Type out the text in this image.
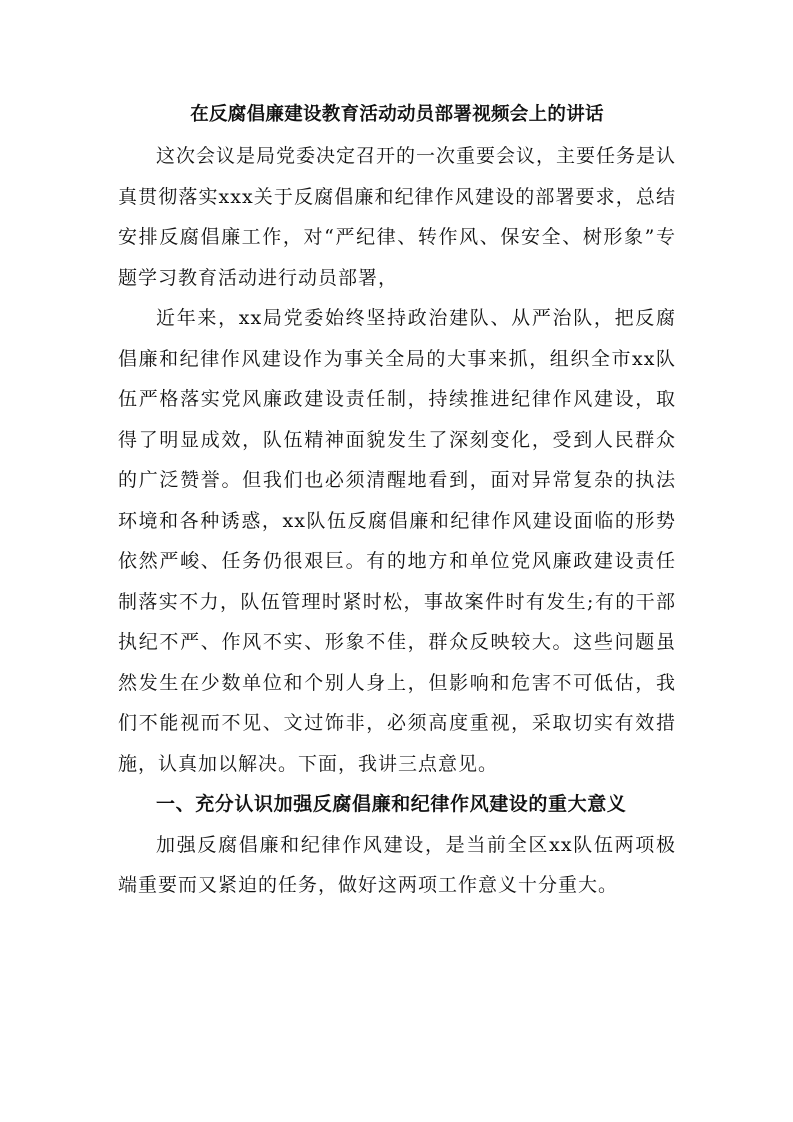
在反腐倡廉建设教育活动动员部署视频会上的讲话

这次会议是局党委决定召开的一次重要会议，主要任务是认真贯彻落实xxx关于反腐倡廉和纪律作风建设的部署要求，总结安排反腐倡廉工作，对“严纪律、转作风、保安全、树形象”专题学习教育活动进行动员部署，

近年来，xx局党委始终坚持政治建队、从严治队，把反腐倡廉和纪律作风建设作为事关全局的大事来抓，组织全市xx队伍严格落实党风廉政建设责任制，持续推进纪律作风建设，取得了明显成效，队伍精神面貌发生了深刻变化，受到人民群众的广泛赞誉。但我们也必须清醒地看到，面对异常复杂的执法环境和各种诱惑，xx队伍反腐倡廉和纪律作风建设面临的形势依然严峻、任务仍很艰巨。有的地方和单位党风廉政建设责任制落实不力，队伍管理时紧时松，事故案件时有发生;有的干部执纪不严、作风不实、形象不佳，群众反映较大。这些问题虽然发生在少数单位和个别人身上，但影响和危害不可低估，我们不能视而不见、文过饰非，必须高度重视，采取切实有效措施，认真加以解决。下面，我讲三点意见。

一、充分认识加强反腐倡廉和纪律作风建设的重大意义

加强反腐倡廉和纪律作风建设，是当前全区xx队伍两项极端重要而又紧迫的任务，做好这两项工作意义十分重大。
